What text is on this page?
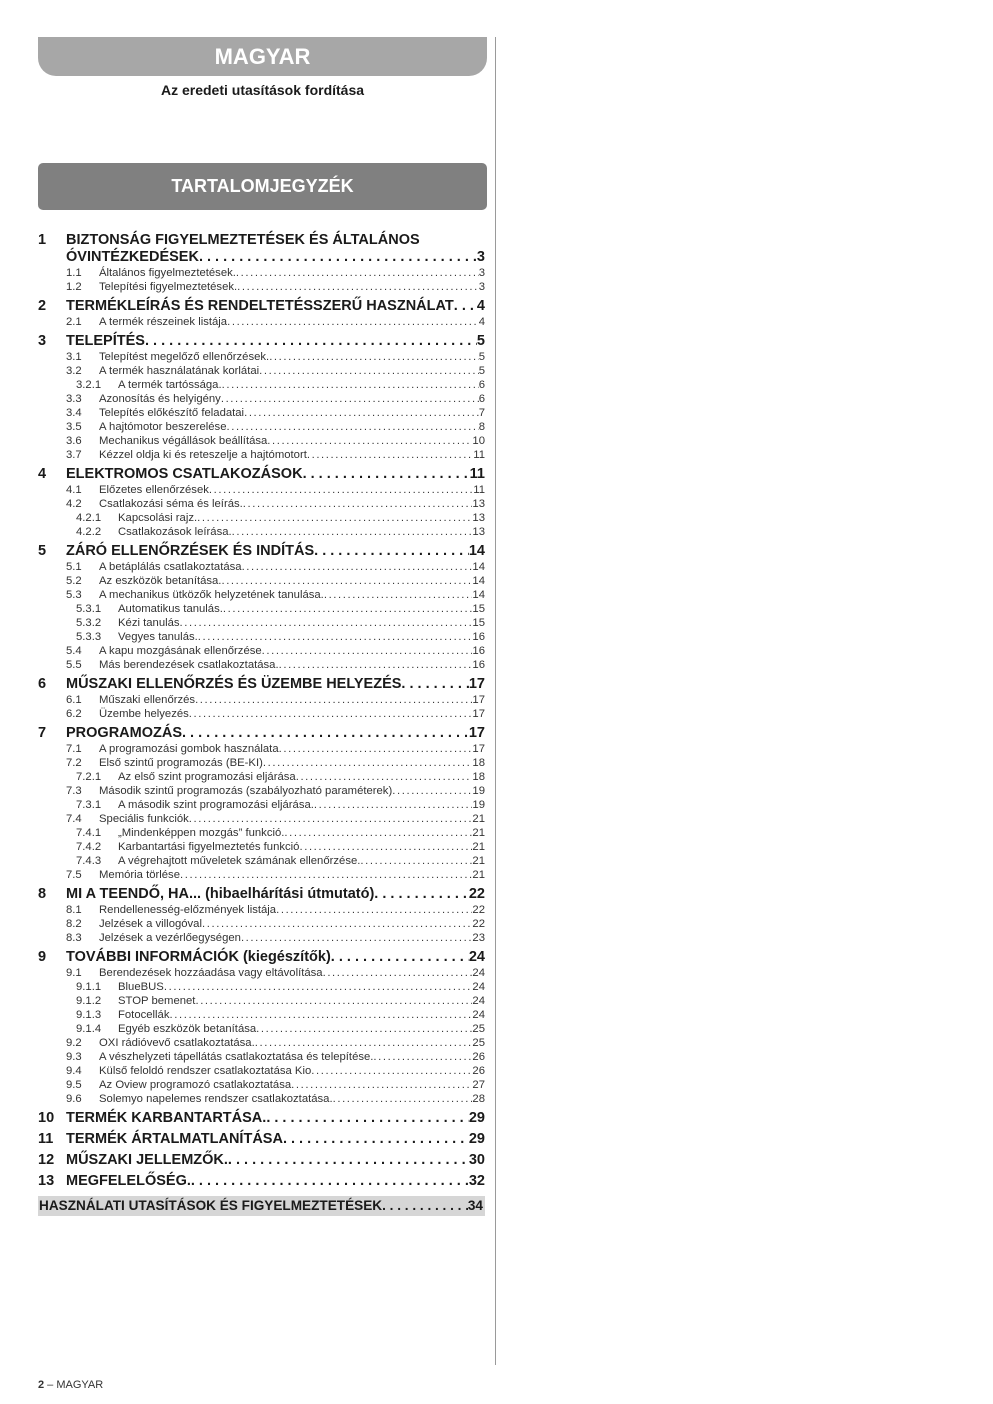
MAGYAR
Az eredeti utasítások fordítása
TARTALOMJEGYZÉK
1	BIZTONSÁG FIGYELMEZTETÉSEK ÉS ÁLTALÁNOS
ÓVINTÉZKEDÉSEK . . .	3
1.1	Általános figyelmeztetések. .....	3
1.2	Telepítési figyelmeztetések. .....	3
2	TERMÉKLEÍRÁS ÉS RENDELTETÉSSZERŰ HASZNÁLAT . . . 4
2.1	A termék részeinek listája .....	4
3	TELEPÍTÉS . . .	5
3.1	Telepítést megelőző ellenőrzések. .....	5
3.2	A termék használatának korlátai .....	5
3.2.1	A termék tartóssága. .....	6
3.3	Azonosítás és helyigény .....	6
3.4	Telepítés előkészítő feladatai .....	7
3.5	A hajtómotor beszerelése .....	8
3.6	Mechanikus végállások beállítása .....	10
3.7	Kézzel oldja ki és reteszelje a hajtómotort .....	11
4	ELEKTROMOS CSATLAKOZÁSOK . . .	11
4.1	Előzetes ellenőrzések .....	11
4.2	Csatlakozási séma és leírás. .....	13
4.2.1	Kapcsolási rajz. .....	13
4.2.2	Csatlakozások leírása. .....	13
5	ZÁRÓ ELLENŐRZÉSEK ÉS INDÍTÁS . . .	14
5.1	A betáplálás csatlakoztatása .....	14
5.2	Az eszközök betanítása. .....	14
5.3	A mechanikus ütközők helyzetének tanulása. .....	14
5.3.1	Automatikus tanulás. .....	15
5.3.2	Kézi tanulás .....	15
5.3.3	Vegyes tanulás. .....	16
5.4	A kapu mozgásának ellenőrzése .....	16
5.5	Más berendezések csatlakoztatása. .....	16
6	MŰSZAKI ELLENŐRZÉS ÉS ÜZEMBE HELYEZÉS . . .	17
6.1	Műszaki ellenőrzés .....	17
6.2	Üzembe helyezés .....	17
7	PROGRAMOZÁS . . .	17
7.1	A programozási gombok használata .....	17
7.2	Első szintű programozás (BE-KI) .....	18
7.2.1	Az első szint programozási eljárása .....	18
7.3	Második szintű programozás (szabályozható paraméterek) .....	19
7.3.1	A második szint programozási eljárása. .....	19
7.4	Speciális funkciók .....	21
7.4.1	„Mindenképpen mozgás” funkció. .....	21
7.4.2	Karbantartási figyelmeztetés funkció .....	21
7.4.3	A végrehajtott műveletek számának ellenőrzése. .....	21
7.5	Memória törlése .....	21
8	MI A TEENDŐ, HA... (hibaelhárítási útmutató) . . .	22
8.1	Rendellenesség-előzmények listája .....	22
8.2	Jelzések a villogóval .....	22
8.3	Jelzések a vezérlőegységen .....	23
9	TOVÁBBI INFORMÁCIÓK (kiegészítők) . . .	24
9.1	Berendezések hozzáadása vagy eltávolítása .....	24
9.1.1	BlueBUS .....	24
9.1.2	STOP bemenet .....	24
9.1.3	Fotocellák .....	24
9.1.4	Egyéb eszközök betanítása .....	25
9.2	OXI rádióvevő csatlakoztatása. .....	25
9.3	A vészhelyzeti tápellátás csatlakoztatása és telepítése. .....	26
9.4	Külső feloldó rendszer csatlakoztatása Kio .....	26
9.5	Az Oview programozó csatlakoztatása .....	27
9.6	Solemyo napelemes rendszer csatlakoztatása. .....	28
10 TERMÉK KARBANTARTÁSA. . . .	29
11 TERMÉK ÁRTALMATLANÍTÁSA . . .	29
12 MŰSZAKI JELLEMZŐK. . . .	30
13 MEGFELELŐSÉG. . . .	32
HASZNÁLATI UTASÍTÁSOK ÉS FIGYELMEZTETÉSEK . . .	34
2 – MAGYAR
